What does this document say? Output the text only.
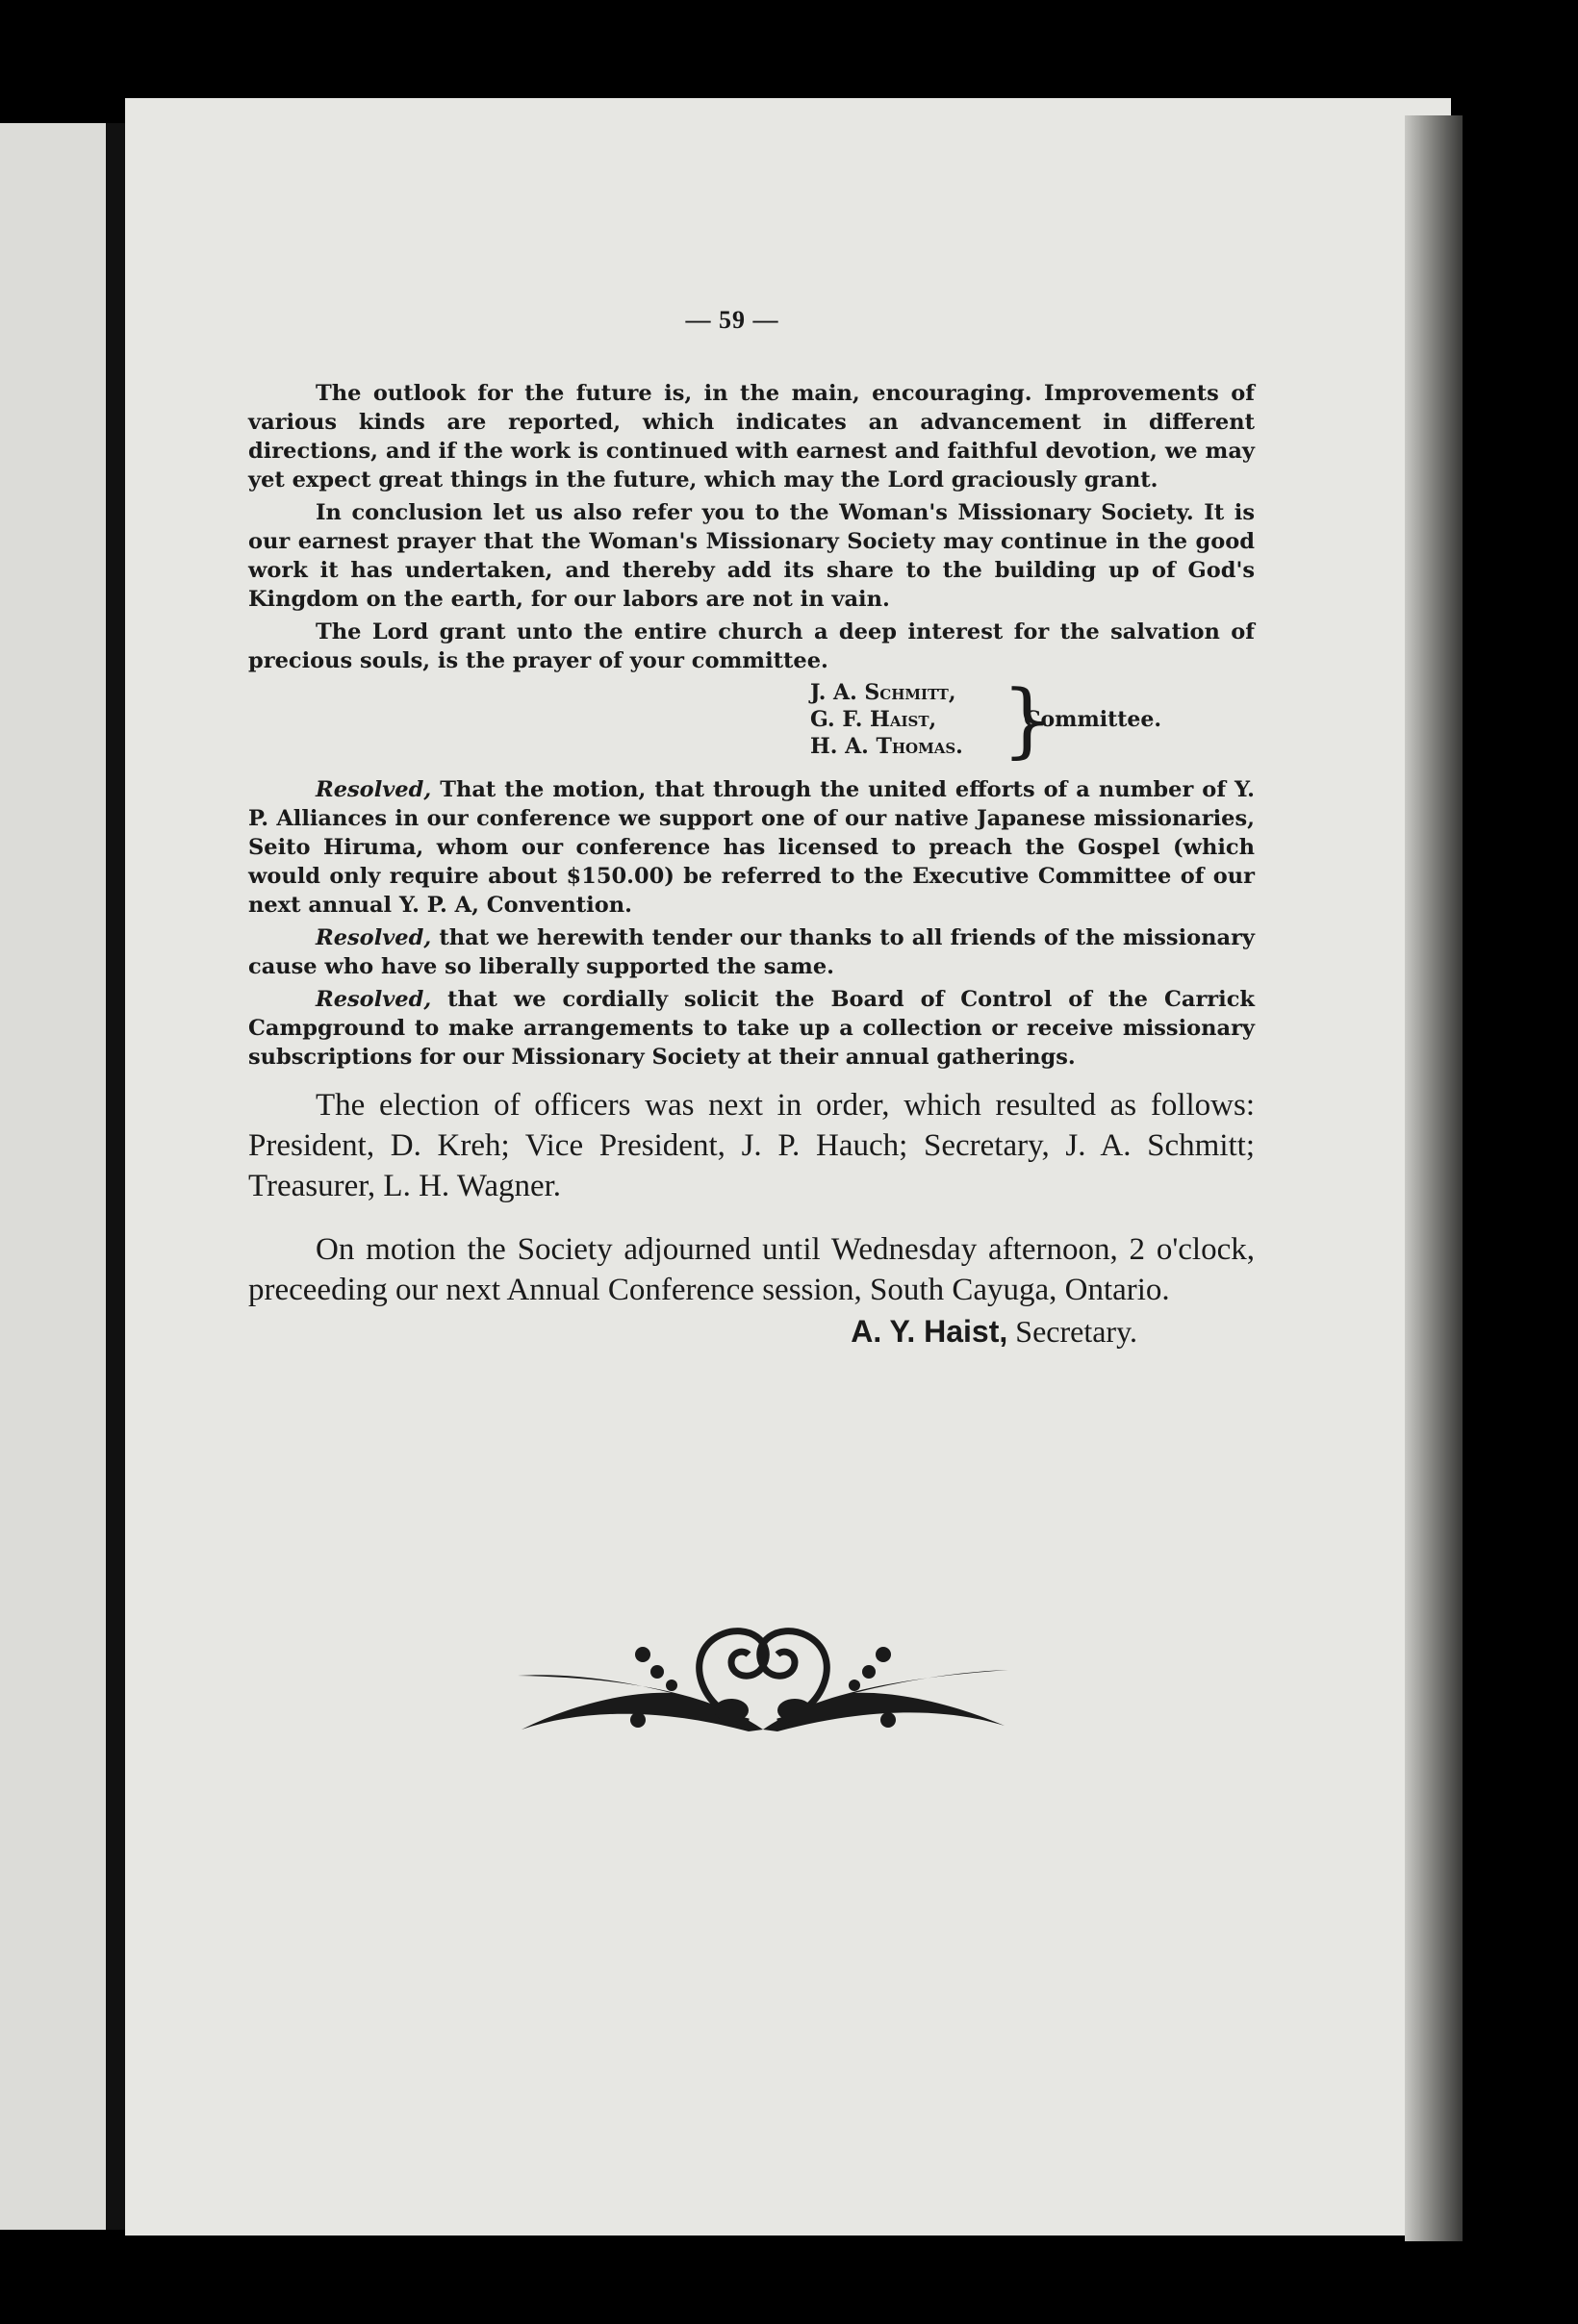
— 59 —

The outlook for the future is, in the main, encouraging. Improvements of various kinds are reported, which indicates an advancement in different directions, and if the work is continued with earnest and faithful devotion, we may yet expect great things in the future, which may the Lord graciously grant.

In conclusion let us also refer you to the Woman's Missionary Society. It is our earnest prayer that the Woman's Missionary Society may continue in the good work it has undertaken, and thereby add its share to the building up of God's Kingdom on the earth, for our labors are not in vain.

The Lord grant unto the entire church a deep interest for the salvation of precious souls, is the prayer of your committee.

J. A. Schmitt,
G. F. Haist,
H. A. Thomas. }
Committee.

Resolved, That the motion, that through the united efforts of a number of Y. P. Alliances in our conference we support one of our native Japanese missionaries, Seito Hiruma, whom our conference has licensed to preach the Gospel (which would only require about $150.00) be referred to the Executive Committee of our next annual Y. P. A, Convention.

Resolved, that we herewith tender our thanks to all friends of the missionary cause who have so liberally supported the same.

Resolved, that we cordially solicit the Board of Control of the Carrick Campground to make arrangements to take up a collection or receive missionary subscriptions for our Missionary Society at their annual gatherings.

The election of officers was next in order, which resulted as follows: President, D. Kreh; Vice President, J. P. Hauch; Secretary, J. A. Schmitt; Treasurer, L. H. Wagner.

On motion the Society adjourned until Wednesday afternoon, 2 o'clock, preceeding our next Annual Conference session, South Cayuga, Ontario.

A. Y. Haist, Secretary.
